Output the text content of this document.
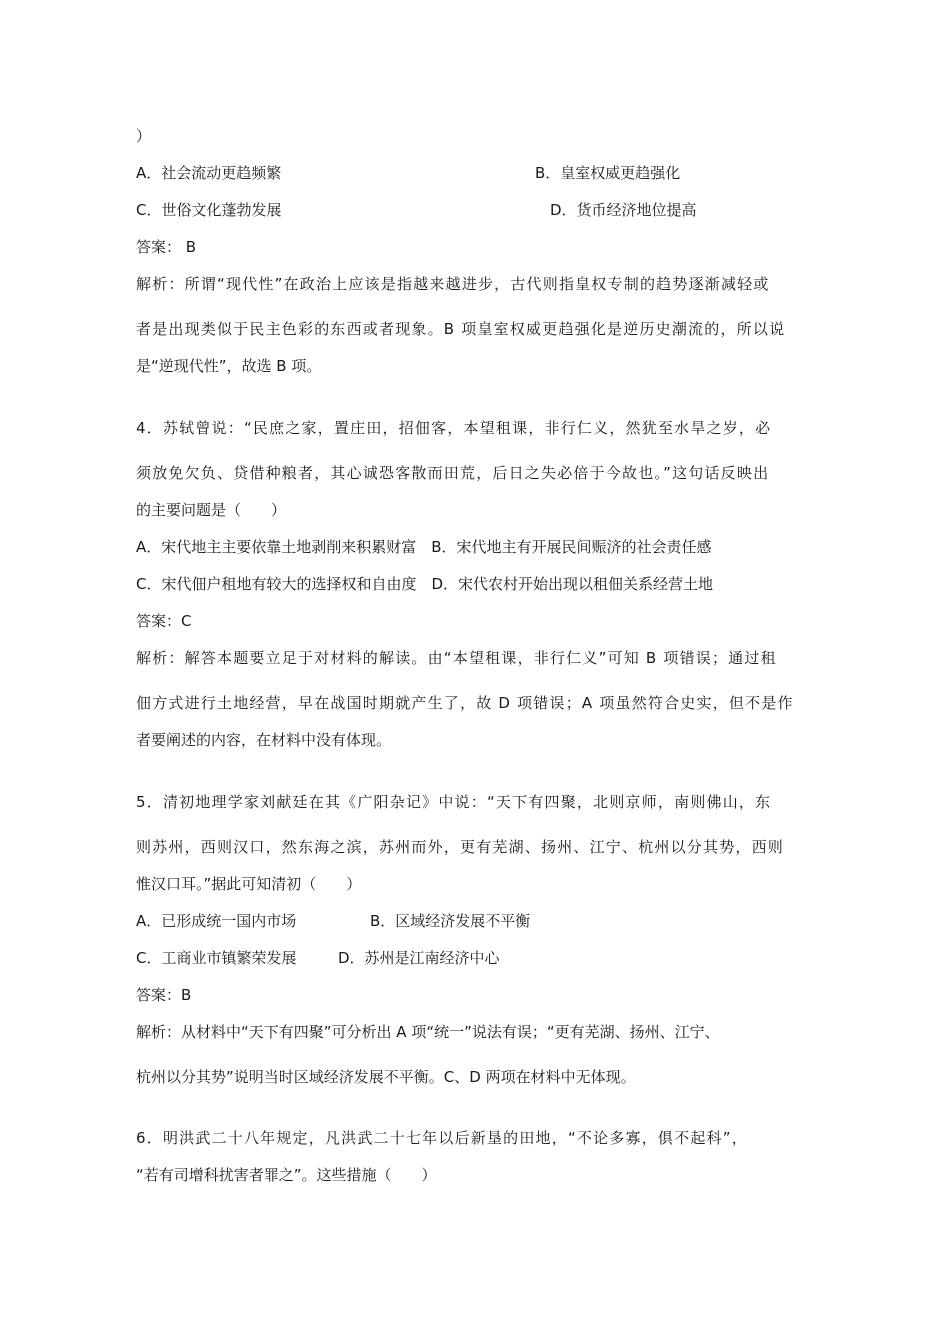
）
A．社会流动更趋频繁	B．皇室权威更趋强化
C．世俗文化蓬勃发展	D．货币经济地位提高
答案： B
解析：所谓“现代性”在政治上应该是指越来越进步，古代则指皇权专制的趋势逐渐减轻或
者是出现类似于民主色彩的东西或者现象。B 项皇室权威更趋强化是逆历史潮流的，所以说
是“逆现代性”，故选 B 项。
4．苏轼曾说：“民庶之家，置庄田，招佃客，本望租课，非行仁义，然犹至水旱之岁，必
须放免欠负、贷借种粮者，其心诚恐客散而田荒，后日之失必倍于今故也。”这句话反映出
的主要问题是（　　）
A．宋代地主主要依靠土地剥削来积累财富　B．宋代地主有开展民间赈济的社会责任感
C．宋代佃户租地有较大的选择权和自由度　D．宋代农村开始出现以租佃关系经营土地
答案：C
解析：解答本题要立足于对材料的解读。由“本望租课，非行仁义”可知 B 项错误；通过租
佃方式进行土地经营，早在战国时期就产生了，故 D 项错误；A 项虽然符合史实，但不是作
者要阐述的内容，在材料中没有体现。
5．清初地理学家刘献廷在其《广阳杂记》中说：“天下有四聚，北则京师，南则佛山，东
则苏州，西则汉口，然东海之滨，苏州而外，更有芜湖、扬州、江宁、杭州以分其势，西则
惟汉口耳。”据此可知清初（　　）
A．已形成统一国内市场	B．区域经济发展不平衡
C．工商业市镇繁荣发展	D．苏州是江南经济中心
答案：B
解析：从材料中“天下有四聚”可分析出 A 项“统一”说法有误；“更有芜湖、扬州、江宁、
杭州以分其势”说明当时区域经济发展不平衡。C、D 两项在材料中无体现。
6．明洪武二十八年规定，凡洪武二十七年以后新垦的田地，“不论多寡，俱不起科”，
“若有司增科扰害者罪之”。这些措施（　　）
